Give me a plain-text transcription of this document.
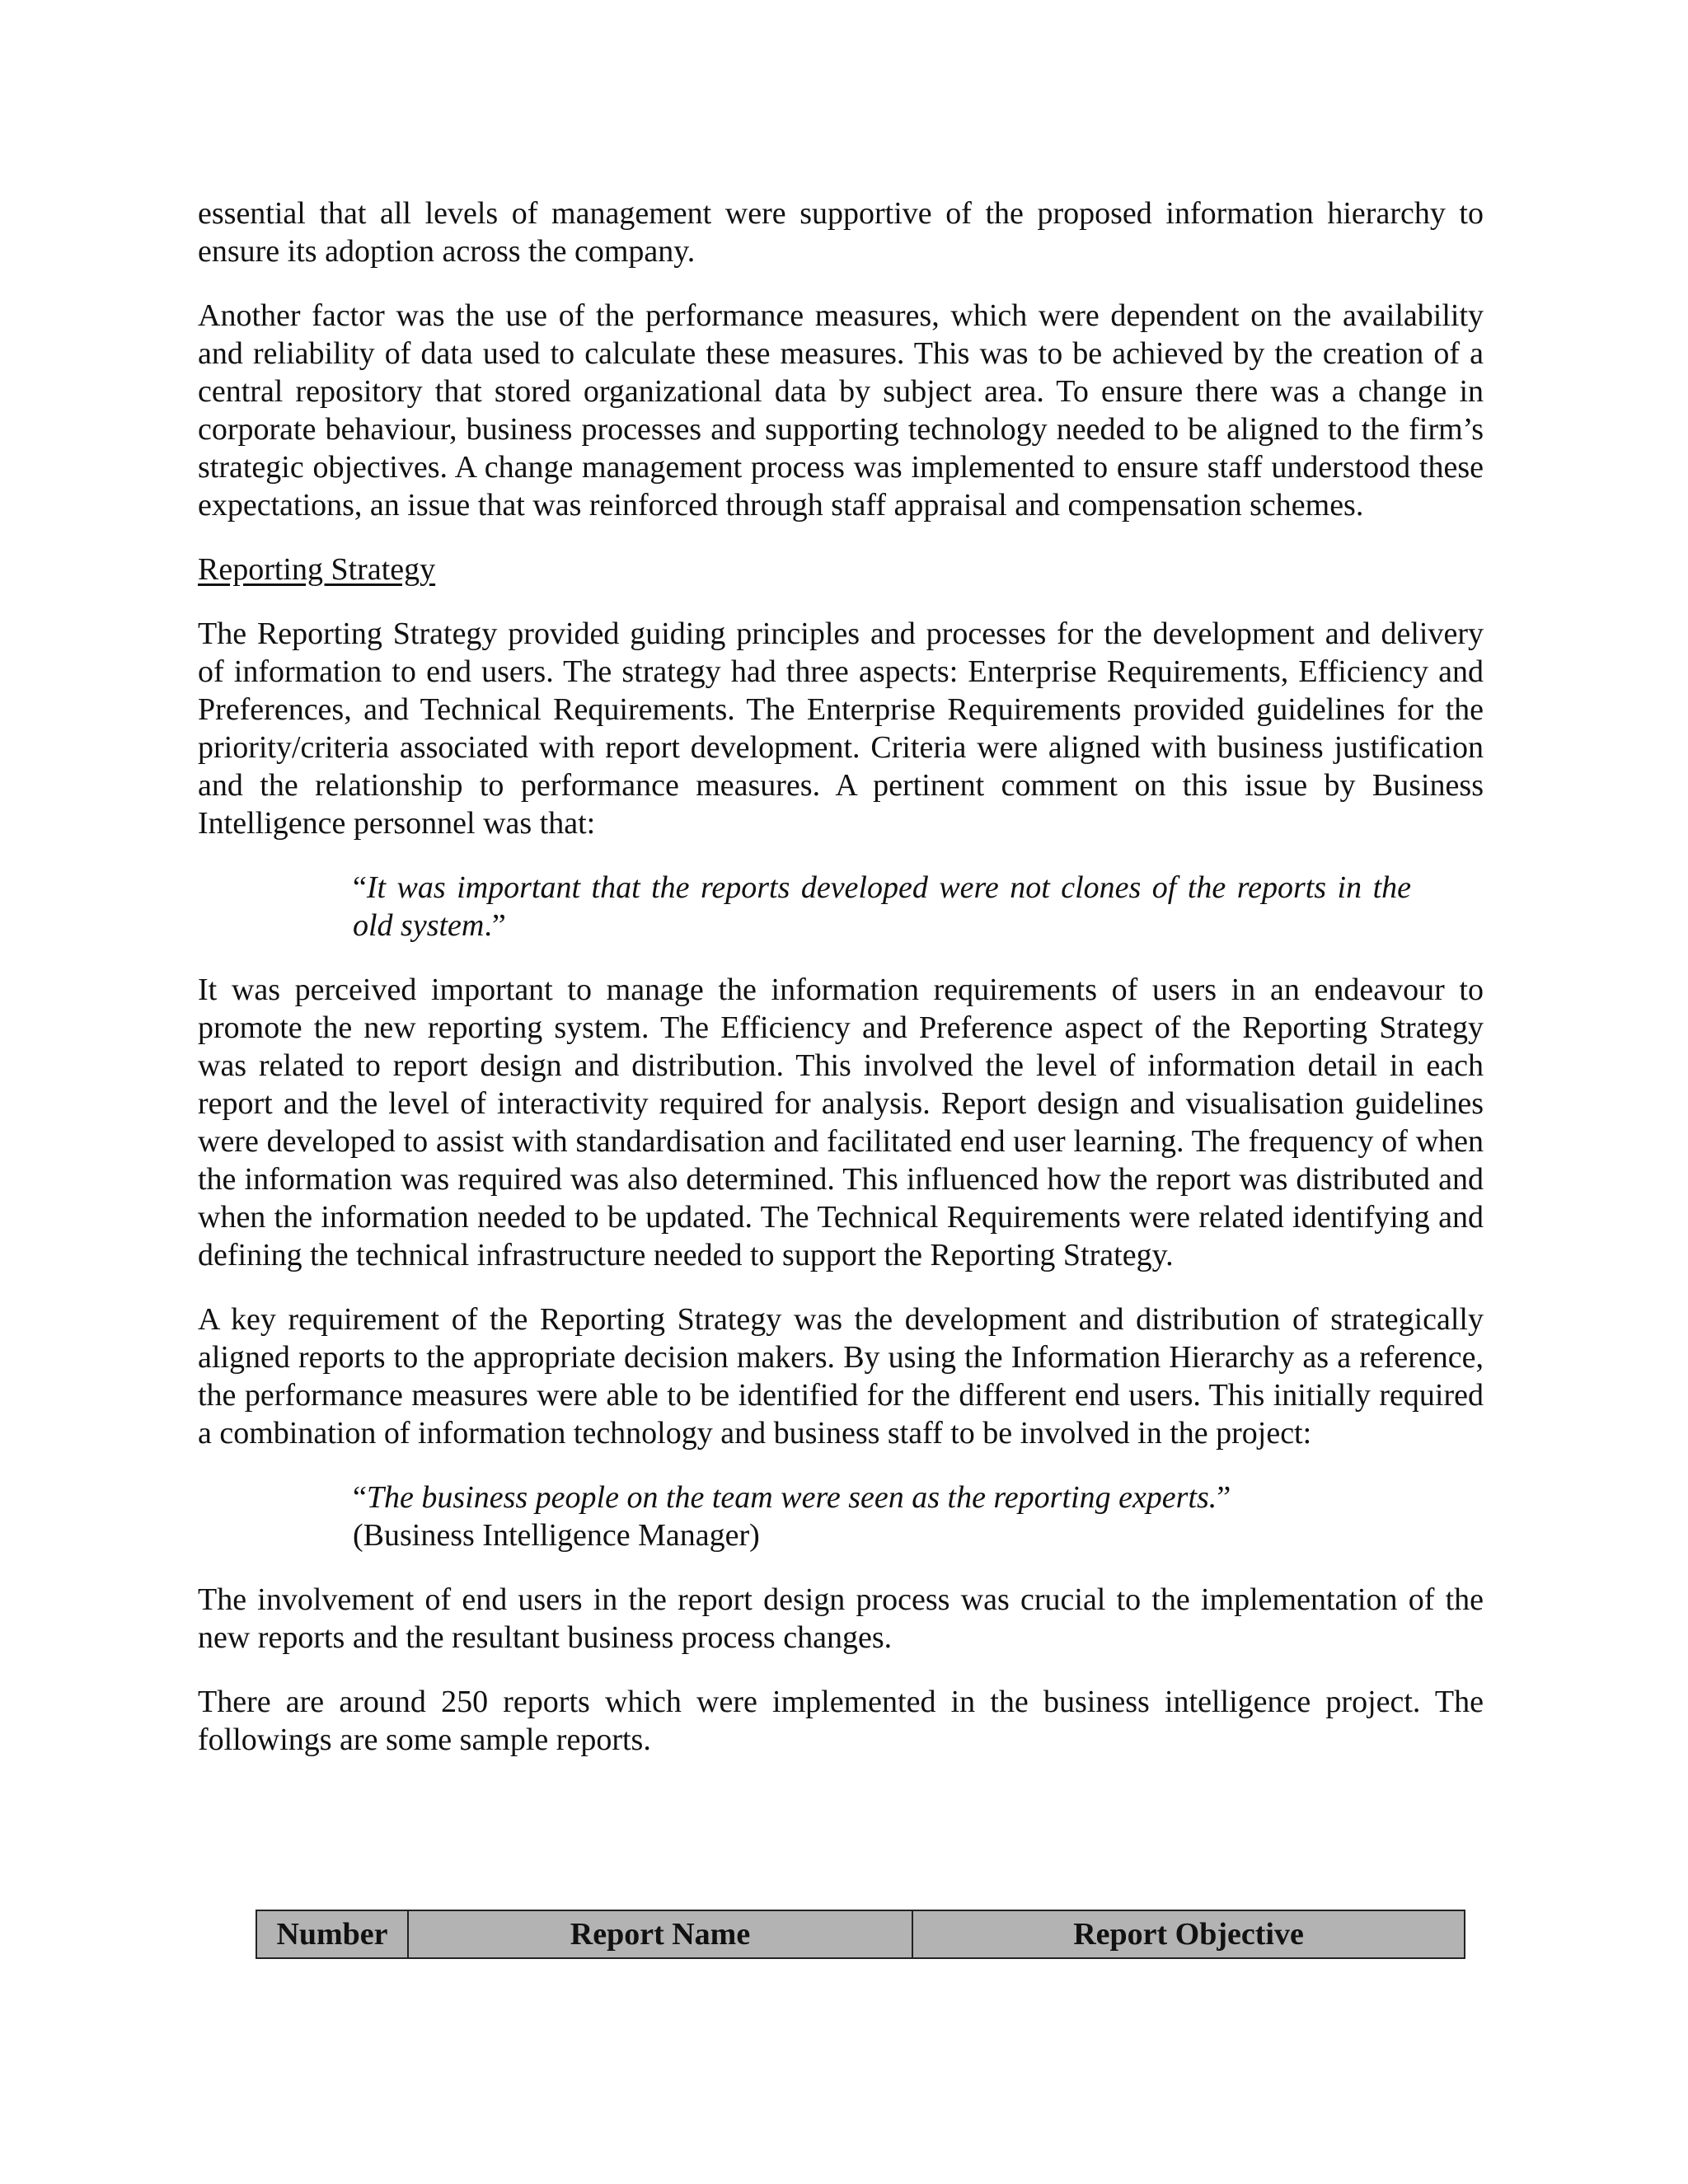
essential that all levels of management were supportive of the proposed information hierarchy to ensure its adoption across the company.

Another factor was the use of the performance measures, which were dependent on the availability and reliability of data used to calculate these measures. This was to be achieved by the creation of a central repository that stored organizational data by subject area. To ensure there was a change in corporate behaviour, business processes and supporting technology needed to be aligned to the firm’s strategic objectives. A change management process was implemented to ensure staff understood these expectations, an issue that was reinforced through staff appraisal and compensation schemes.

Reporting Strategy

The Reporting Strategy provided guiding principles and processes for the development and delivery of information to end users. The strategy had three aspects: Enterprise Requirements, Efficiency and Preferences, and Technical Requirements. The Enterprise Requirements provided guidelines for the priority/criteria associated with report development. Criteria were aligned with business justification and the relationship to performance measures. A pertinent comment on this issue by Business Intelligence personnel was that:

“It was important that the reports developed were not clones of the reports in the old system.”

It was perceived important to manage the information requirements of users in an endeavour to promote the new reporting system. The Efficiency and Preference aspect of the Reporting Strategy was related to report design and distribution. This involved the level of information detail in each report and the level of interactivity required for analysis. Report design and visualisation guidelines were developed to assist with standardisation and facilitated end user learning. The frequency of when the information was required was also determined. This influenced how the report was distributed and when the information needed to be updated. The Technical Requirements were related identifying and defining the technical infrastructure needed to support the Reporting Strategy.

A key requirement of the Reporting Strategy was the development and distribution of strategically aligned reports to the appropriate decision makers. By using the Information Hierarchy as a reference, the performance measures were able to be identified for the different end users. This initially required a combination of information technology and business staff to be involved in the project:

“The business people on the team were seen as the reporting experts.”
(Business Intelligence Manager)

The involvement of end users in the report design process was crucial to the implementation of the new reports and the resultant business process changes.

There are around 250 reports which were implemented in the business intelligence project. The followings are some sample reports.

Number	Report Name	Report Objective
